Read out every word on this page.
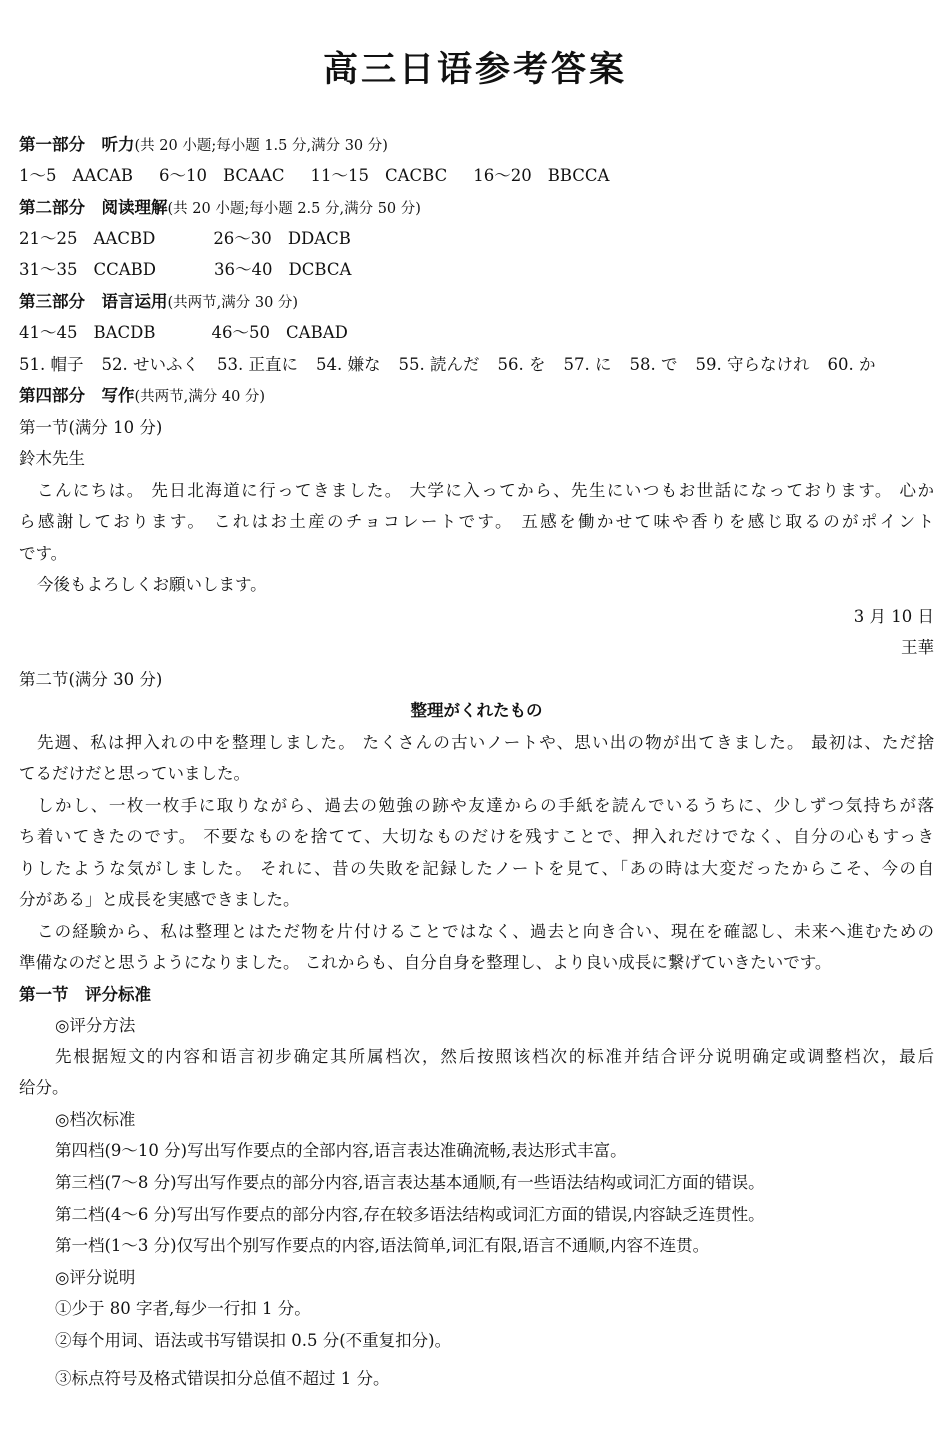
高三日语参考答案
第一部分　听力(共 20 小题;每小题 1.5 分,满分 30 分)
1～5 AACAB 6～10 BCAAC 11～15 CACBC 16～20 BBCCA
第二部分　阅读理解(共 20 小题;每小题 2.5 分,满分 50 分)
21～25 AACBD	26～30 DDACB
31～35 CCABD	36～40 DCBCA
第三部分　语言运用(共两节,满分 30 分)
41～45 BACDB	46～50 CABAD
51. 帽子 52. せいふく 53. 正直に 54. 嫌な 55. 読んだ 56. を 57. に 58. で 59. 守らなけれ 60. か
第四部分　写作(共两节,满分 40 分)
第一节(满分 10 分)
鈴木先生
こんにちは。 先日北海道に行ってきました。 大学に入ってから、先生にいつもお世話になっております。 心か
ら感謝しております。 これはお土産のチョコレートです。 五感を働かせて味や香りを感じ取るのがポイント
です。
今後もよろしくお願いします。
3 月 10 日
王華
第二节(满分 30 分)
整理がくれたもの
先週、私は押入れの中を整理しました。 たくさんの古いノートや、思い出の物が出てきました。 最初は、ただ捨
てるだけだと思っていました。
しかし、一枚一枚手に取りながら、過去の勉強の跡や友達からの手紙を読んでいるうちに、少しずつ気持ちが落
ち着いてきたのです。 不要なものを捨てて、大切なものだけを残すことで、押入れだけでなく、自分の心もすっき
りしたような気がしました。 それに、昔の失敗を記録したノートを見て、「あの時は大変だったからこそ、今の自
分がある」と成長を実感できました。
この経験から、私は整理とはただ物を片付けることではなく、過去と向き合い、現在を確認し、未来へ進むための
準備なのだと思うようになりました。 これからも、自分自身を整理し、より良い成長に繋げていきたいです。
第一节　评分标准
◎评分方法
先根据短文的内容和语言初步确定其所属档次，然后按照该档次的标准并结合评分说明确定或调整档次，最后
给分。
◎档次标准
第四档(9～10 分)写出写作要点的全部内容,语言表达准确流畅,表达形式丰富。
第三档(7～8 分)写出写作要点的部分内容,语言表达基本通顺,有一些语法结构或词汇方面的错误。
第二档(4～6 分)写出写作要点的部分内容,存在较多语法结构或词汇方面的错误,内容缺乏连贯性。
第一档(1～3 分)仅写出个别写作要点的内容,语法简单,词汇有限,语言不通顺,内容不连贯。
◎评分说明
①少于 80 字者,每少一行扣 1 分。
②每个用词、语法或书写错误扣 0.5 分(不重复扣分)。
③标点符号及格式错误扣分总值不超过 1 分。
